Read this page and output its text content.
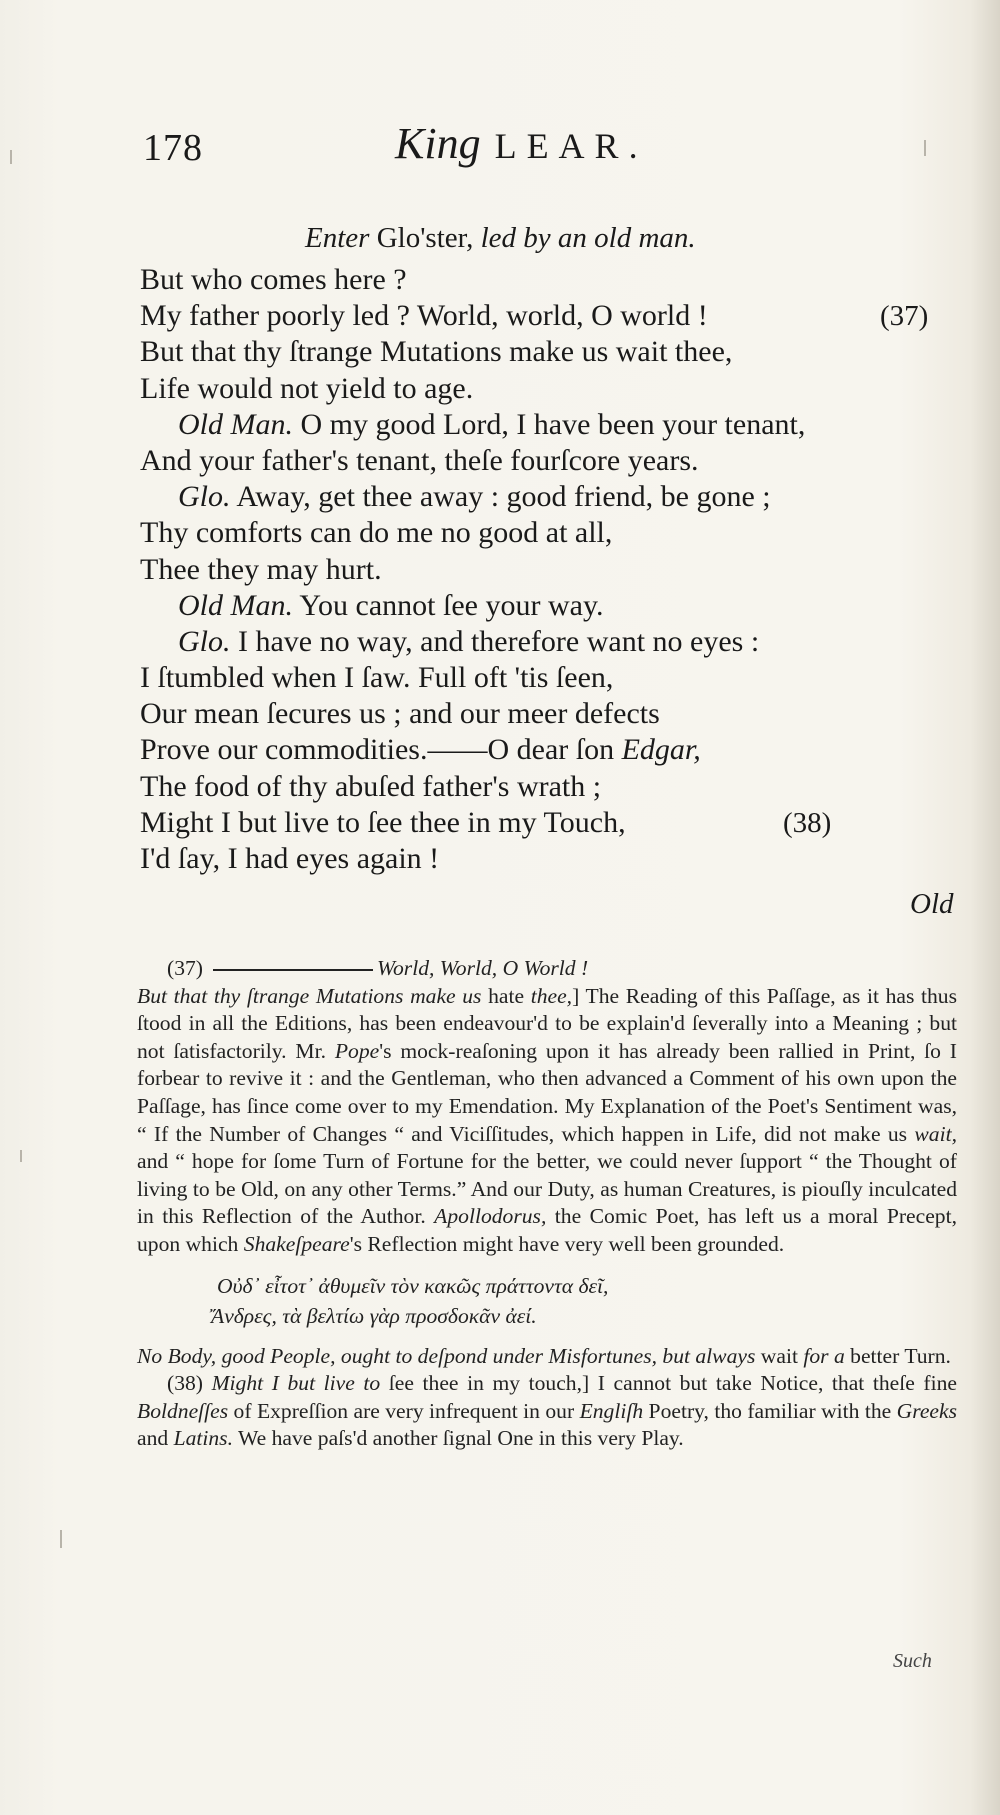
178	King LEAR.
Enter Glo'ster, led by an old man.
But who comes here ?
My father poorly led ? World, world, O world !	(37)
But that thy ſtrange Mutations make us wait thee,
Life would not yield to age.
Old Man. O my good Lord, I have been your tenant,
And your father's tenant, theſe fourſcore years.
Glo. Away, get thee away : good friend, be gone ;
Thy comforts can do me no good at all,
Thee they may hurt.
Old Man. You cannot ſee your way.
Glo. I have no way, and therefore want no eyes :
I ſtumbled when I ſaw. Full oft 'tis ſeen,
Our mean ſecures us ; and our meer defects
Prove our commodities.——O dear ſon Edgar,
The food of thy abuſed father's wrath ;
Might I but live to ſee thee in my Touch,	(38)
I'd ſay, I had eyes again !
Old
(37)	World, World, O World !
But that thy ſtrange Mutations make us hate thee,] The Reading of this Paſſage, as it has thus ſtood in all the Editions, has been endeavour'd to be explain'd ſeverally into a Meaning ; but not ſatisfactorily. Mr. Pope's mock-reaſoning upon it has already been rallied in Print, ſo I forbear to revive it : and the Gentleman, who then advanced a Comment of his own upon the Paſſage, has ſince come over to my Emendation. My Explanation of the Poet's Sentiment was, “ If the Number of Changes “ and Viciſſitudes, which happen in Life, did not make us wait, and “ hope for ſome Turn of Fortune for the better, we could never ſupport “ the Thought of living to be Old, on any other Terms.” And our Duty, as human Creatures, is piouſly inculcated in this Reflection of the Author. Apollodorus, the Comic Poet, has left us a moral Precept, upon which Shakeſpeare's Reflection might have very well been grounded.
Οὐδ᾽ εἶτοτ᾽ ἀθυμεῖν τὸν κακῶς πράττοντα δεῖ,
Ἄνδρες, τὰ βελτίω γὰρ προσδοκᾶν ἀεί.
No Body, good People, ought to deſpond under Misfortunes, but always wait for a better Turn.
(38) Might I but live to ſee thee in my touch,] I cannot but take Notice, that theſe fine Boldneſſes of Expreſſion are very infrequent in our Engliſh Poetry, tho familiar with the Greeks and Latins. We have paſs'd another ſignal One in this very Play.
Such
